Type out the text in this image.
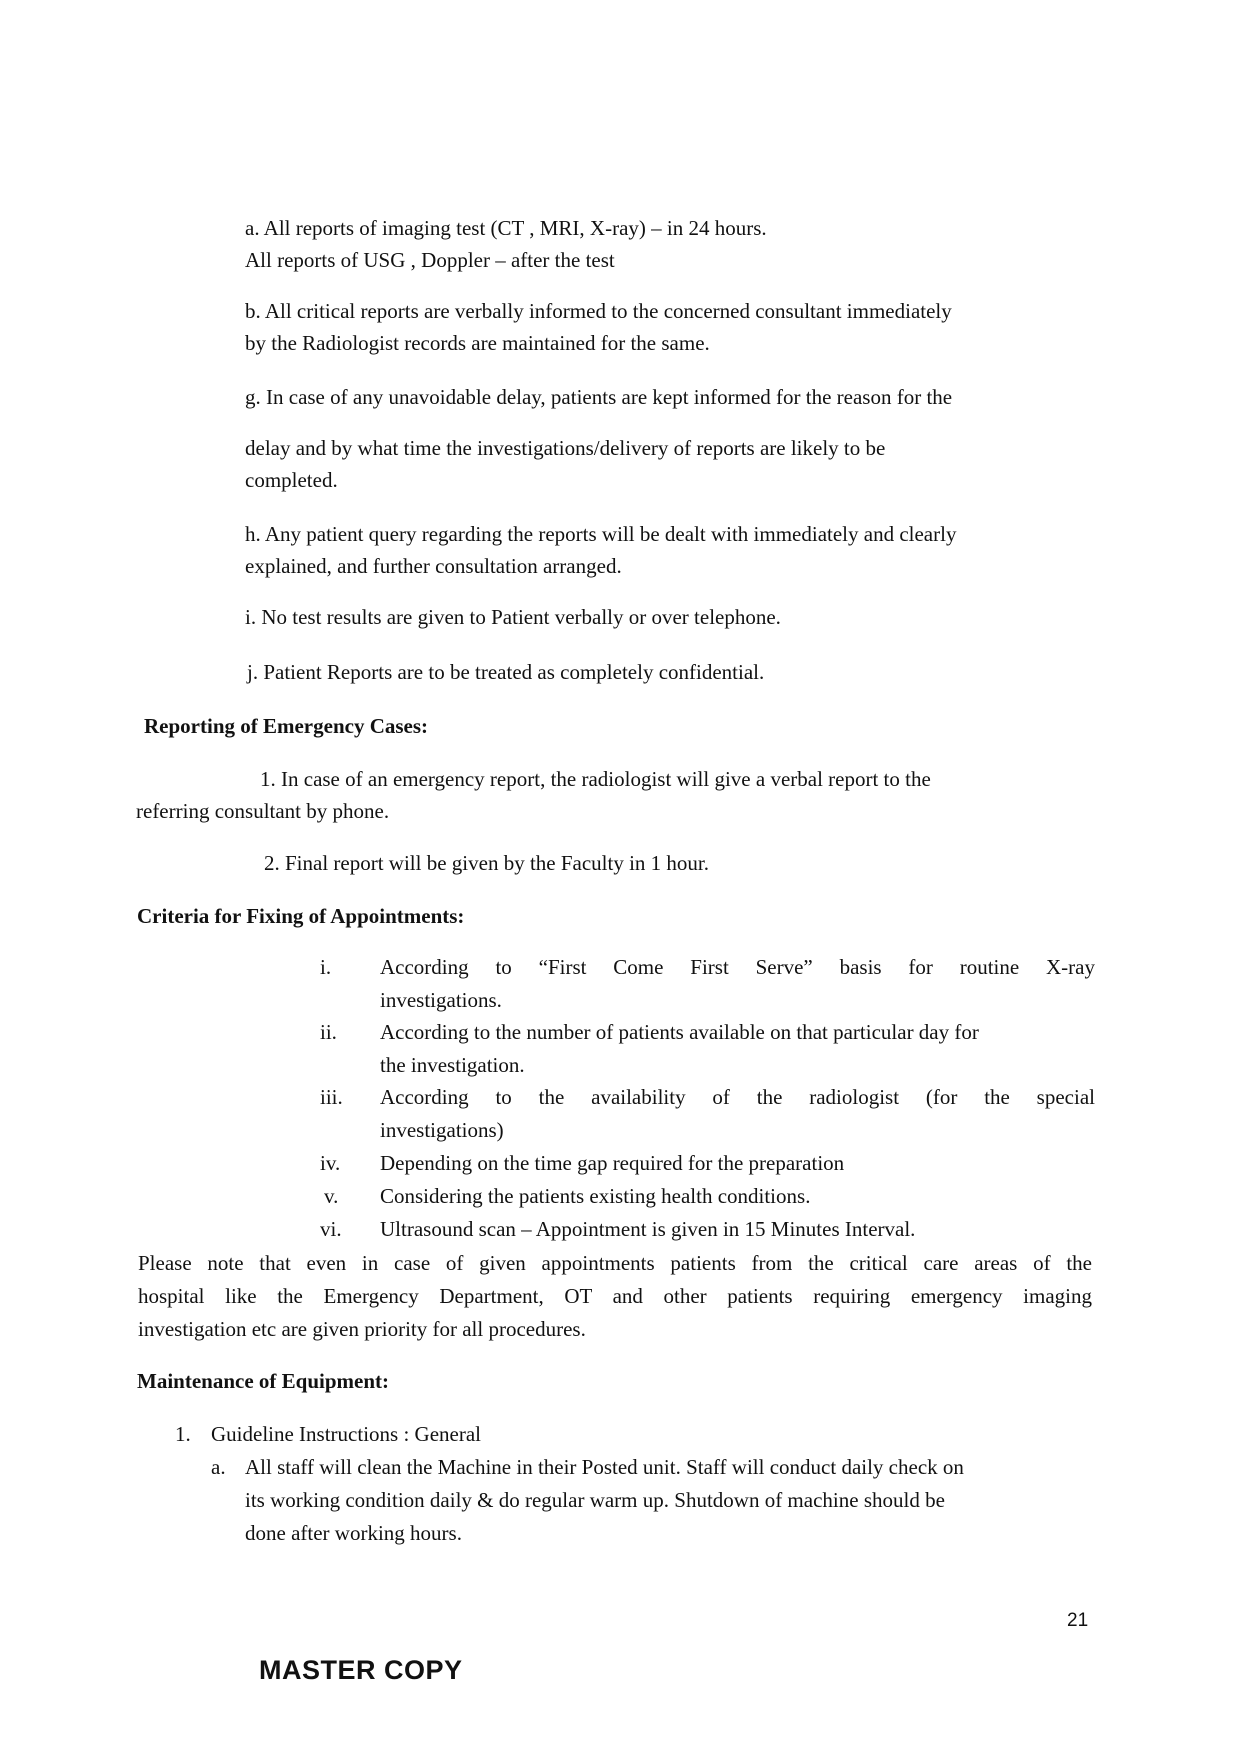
a. All reports of imaging test (CT , MRI, X-ray) – in 24 hours.
All reports of USG , Doppler – after the test
b. All critical reports are verbally informed to the concerned consultant immediately
by the Radiologist records are maintained for the same.
g. In case of any unavoidable delay, patients are kept informed for the reason for the
delay and by what time the investigations/delivery of reports are likely to be
completed.
h. Any patient query regarding the reports will be dealt with immediately and clearly
explained, and further consultation arranged.
i. No test results are given to Patient verbally or over telephone.
j. Patient Reports are to be treated as completely confidential.
Reporting of Emergency Cases:
1. In case of an emergency report, the radiologist will give a verbal report to the
referring consultant by phone.
2. Final report will be given by the Faculty in 1 hour.
Criteria for Fixing of Appointments:
i.	According to “First Come First Serve” basis for routine X-ray
investigations.
ii.	According to the number of patients available on that particular day for
the investigation.
iii.	According to the availability of the radiologist (for the special
investigations)
iv.	Depending on the time gap required for the preparation
v.	Considering the patients existing health conditions.
vi.	Ultrasound scan – Appointment is given in 15 Minutes Interval.
Please note that even in case of given appointments patients from the critical care areas of the
hospital like the Emergency Department, OT and other patients requiring emergency imaging
investigation etc are given priority for all procedures.
Maintenance of Equipment:
1. Guideline Instructions : General
a. All staff will clean the Machine in their Posted unit. Staff will conduct daily check on
its working condition daily & do regular warm up. Shutdown of machine should be
done after working hours.
21
MASTER COPY
